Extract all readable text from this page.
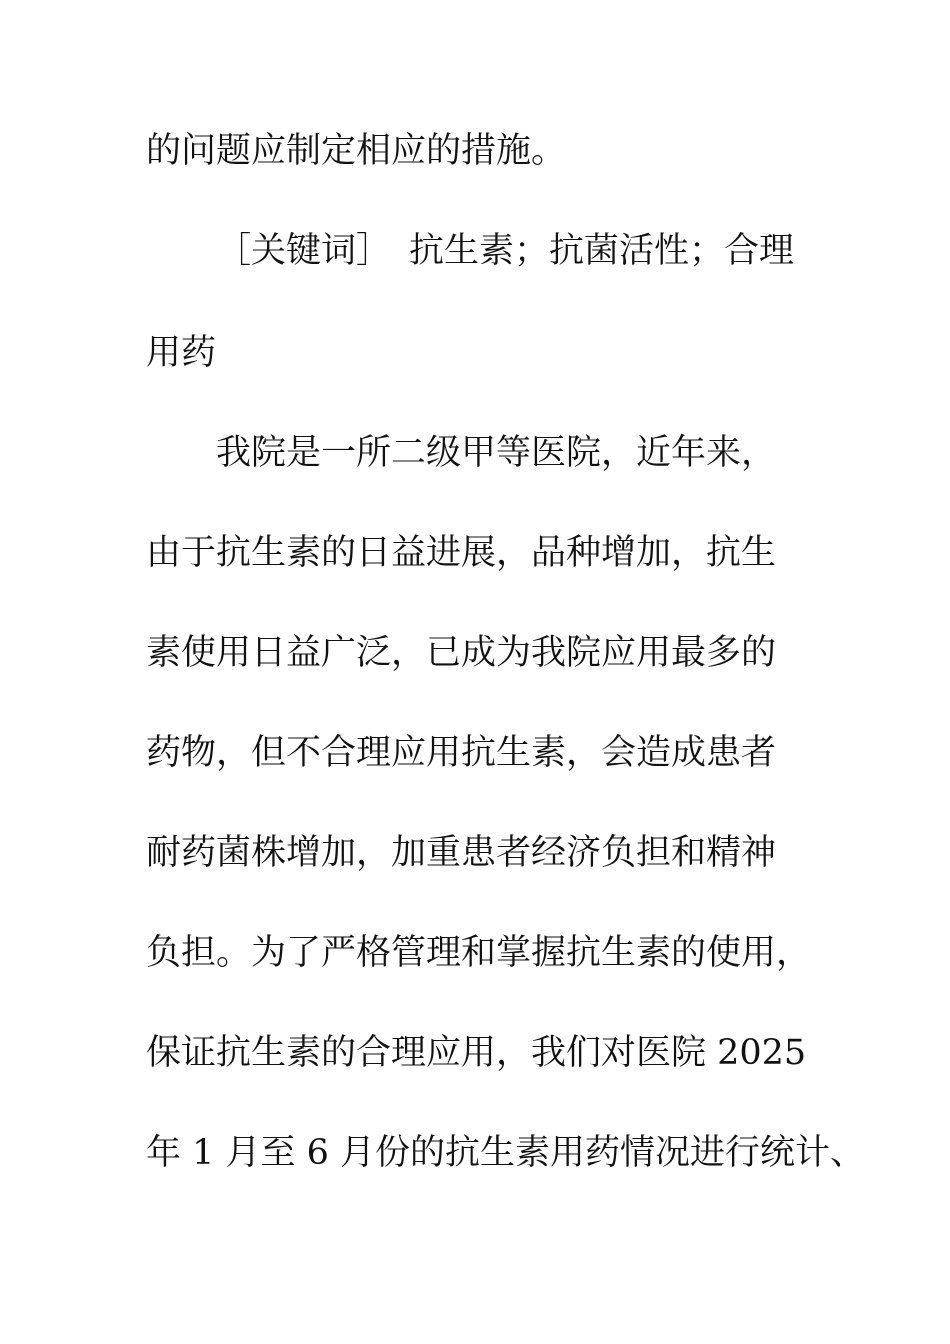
的问题应制定相应的措施。
［关键词］ 抗生素；抗菌活性；合理
用药
我院是一所二级甲等医院，近年来，
由于抗生素的日益进展，品种增加，抗生
素使用日益广泛，已成为我院应用最多的
药物，但不合理应用抗生素，会造成患者
耐药菌株增加，加重患者经济负担和精神
负担。为了严格管理和掌握抗生素的使用，
保证抗生素的合理应用，我们对医院 2025
年 1 月至 6 月份的抗生素用药情况进行统计、
